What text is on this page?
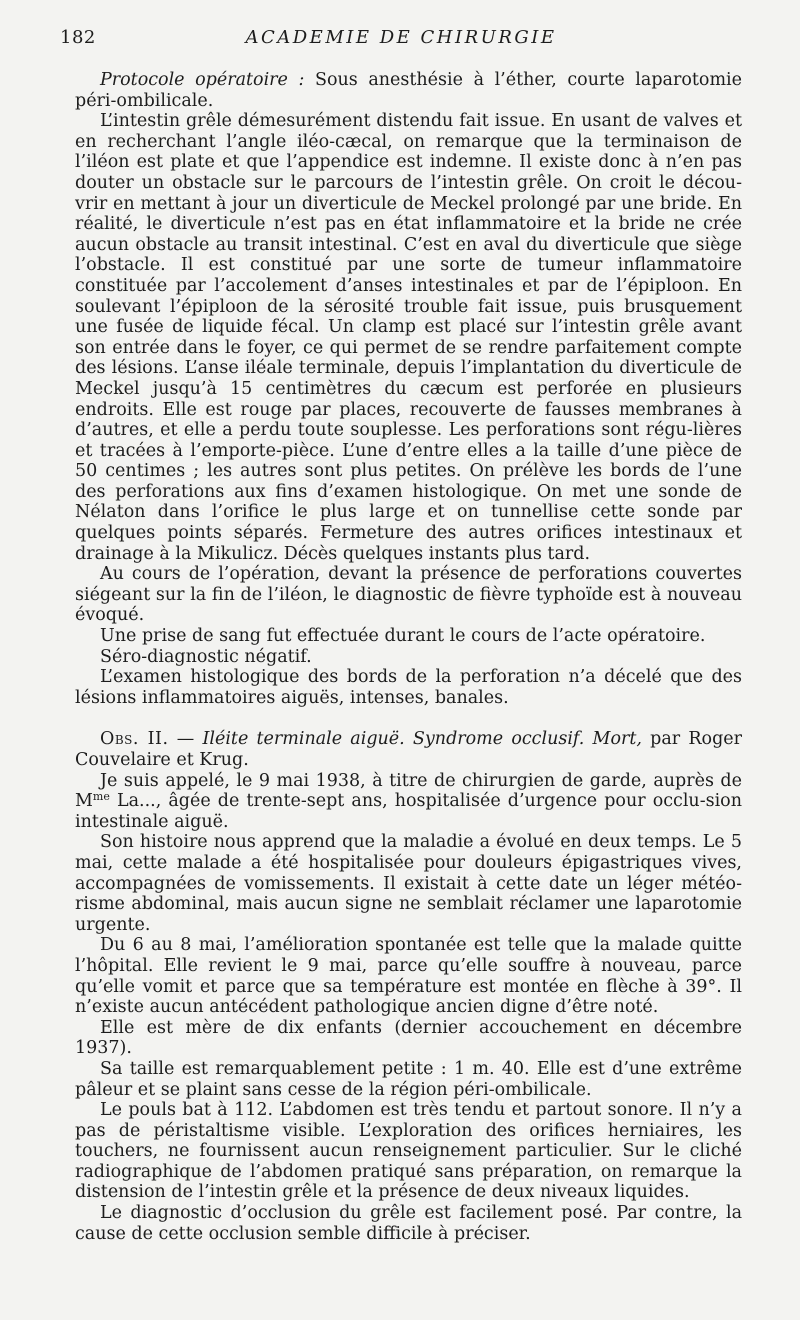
182	ACADEMIE DE CHIRURGIE

Protocole opératoire : Sous anesthésie à l’éther, courte laparotomie péri-ombilicale.

L’intestin grêle démesurément distendu fait issue. En usant de valves et en recherchant l’angle iléo-cæcal, on remarque que la terminaison de l’iléon est plate et que l’appendice est indemne. Il existe donc à n’en pas douter un obstacle sur le parcours de l’intestin grêle. On croit le décou-vrir en mettant à jour un diverticule de Meckel prolongé par une bride. En réalité, le diverticule n’est pas en état inflammatoire et la bride ne crée aucun obstacle au transit intestinal. C’est en aval du diverticule que siège l’obstacle. Il est constitué par une sorte de tumeur inflammatoire constituée par l’accolement d’anses intestinales et par de l’épiploon. En soulevant l’épiploon de la sérosité trouble fait issue, puis brusquement une fusée de liquide fécal. Un clamp est placé sur l’intestin grêle avant son entrée dans le foyer, ce qui permet de se rendre parfaitement compte des lésions. L’anse iléale terminale, depuis l’implantation du diverticule de Meckel jusqu’à 15 centimètres du cæcum est perforée en plusieurs endroits. Elle est rouge par places, recouverte de fausses membranes à d’autres, et elle a perdu toute souplesse. Les perforations sont régu-lières et tracées à l’emporte-pièce. L’une d’entre elles a la taille d’une pièce de 50 centimes ; les autres sont plus petites. On prélève les bords de l’une des perforations aux fins d’examen histologique. On met une sonde de Nélaton dans l’orifice le plus large et on tunnellise cette sonde par quelques points séparés. Fermeture des autres orifices intestinaux et drainage à la Mikulicz. Décès quelques instants plus tard.

Au cours de l’opération, devant la présence de perforations couvertes siégeant sur la fin de l’iléon, le diagnostic de fièvre typhoïde est à nouveau évoqué.

Une prise de sang fut effectuée durant le cours de l’acte opératoire.

Séro-diagnostic négatif.

L’examen histologique des bords de la perforation n’a décelé que des lésions inflammatoires aiguës, intenses, banales.

Obs. II. — Iléite terminale aiguë. Syndrome occlusif. Mort, par Roger Couvelaire et Krug.

Je suis appelé, le 9 mai 1938, à titre de chirurgien de garde, auprès de $M^{me}$ La..., âgée de trente-sept ans, hospitalisée d’urgence pour occlu-sion intestinale aiguë.

Son histoire nous apprend que la maladie a évolué en deux temps. Le 5 mai, cette malade a été hospitalisée pour douleurs épigastriques vives, accompagnées de vomissements. Il existait à cette date un léger météo-risme abdominal, mais aucun signe ne semblait réclamer une laparotomie urgente.

Du 6 au 8 mai, l’amélioration spontanée est telle que la malade quitte l’hôpital. Elle revient le 9 mai, parce qu’elle souffre à nouveau, parce qu’elle vomit et parce que sa température est montée en flèche à 39°. Il n’existe aucun antécédent pathologique ancien digne d’être noté.

Elle est mère de dix enfants (dernier accouchement en décembre 1937).

Sa taille est remarquablement petite : 1 m. 40. Elle est d’une extrême pâleur et se plaint sans cesse de la région péri-ombilicale.

Le pouls bat à 112. L’abdomen est très tendu et partout sonore. Il n’y a pas de péristaltisme visible. L’exploration des orifices herniaires, les touchers, ne fournissent aucun renseignement particulier. Sur le cliché radiographique de l’abdomen pratiqué sans préparation, on remarque la distension de l’intestin grêle et la présence de deux niveaux liquides.

Le diagnostic d’occlusion du grêle est facilement posé. Par contre, la cause de cette occlusion semble difficile à préciser.
